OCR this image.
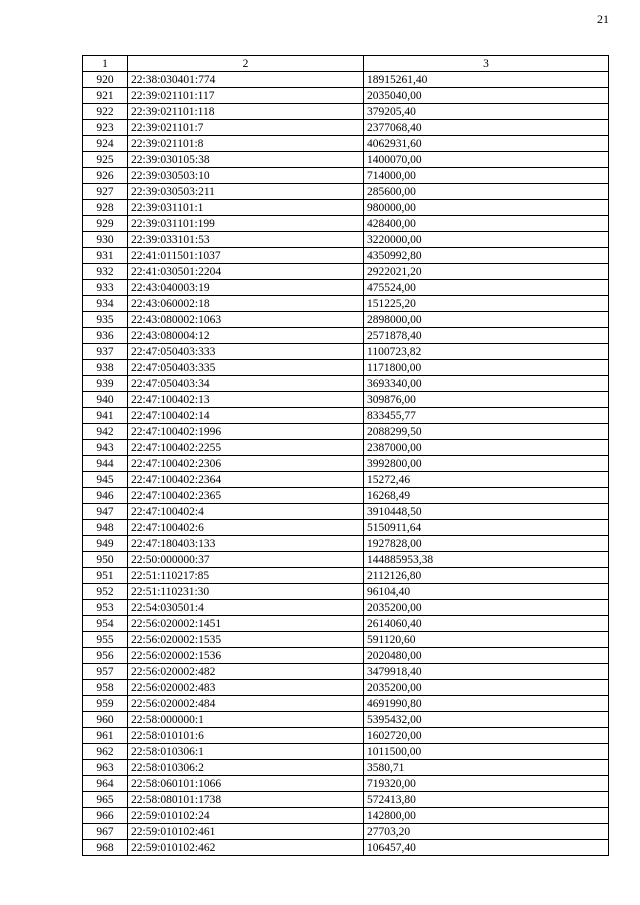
21
1	2	3
920	22:38:030401:774	18915261,40
921	22:39:021101:117	2035040,00
922	22:39:021101:118	379205,40
923	22:39:021101:7	2377068,40
924	22:39:021101:8	4062931,60
925	22:39:030105:38	1400070,00
926	22:39:030503:10	714000,00
927	22:39:030503:211	285600,00
928	22:39:031101:1	980000,00
929	22:39:031101:199	428400,00
930	22:39:033101:53	3220000,00
931	22:41:011501:1037	4350992,80
932	22:41:030501:2204	2922021,20
933	22:43:040003:19	475524,00
934	22:43:060002:18	151225,20
935	22:43:080002:1063	2898000,00
936	22:43:080004:12	2571878,40
937	22:47:050403:333	1100723,82
938	22:47:050403:335	1171800,00
939	22:47:050403:34	3693340,00
940	22:47:100402:13	309876,00
941	22:47:100402:14	833455,77
942	22:47:100402:1996	2088299,50
943	22:47:100402:2255	2387000,00
944	22:47:100402:2306	3992800,00
945	22:47:100402:2364	15272,46
946	22:47:100402:2365	16268,49
947	22:47:100402:4	3910448,50
948	22:47:100402:6	5150911,64
949	22:47:180403:133	1927828,00
950	22:50:000000:37	144885953,38
951	22:51:110217:85	2112126,80
952	22:51:110231:30	96104,40
953	22:54:030501:4	2035200,00
954	22:56:020002:1451	2614060,40
955	22:56:020002:1535	591120,60
956	22:56:020002:1536	2020480,00
957	22:56:020002:482	3479918,40
958	22:56:020002:483	2035200,00
959	22:56:020002:484	4691990,80
960	22:58:000000:1	5395432,00
961	22:58:010101:6	1602720,00
962	22:58:010306:1	1011500,00
963	22:58:010306:2	3580,71
964	22:58:060101:1066	719320,00
965	22:58:080101:1738	572413,80
966	22:59:010102:24	142800,00
967	22:59:010102:461	27703,20
968	22:59:010102:462	106457,40
